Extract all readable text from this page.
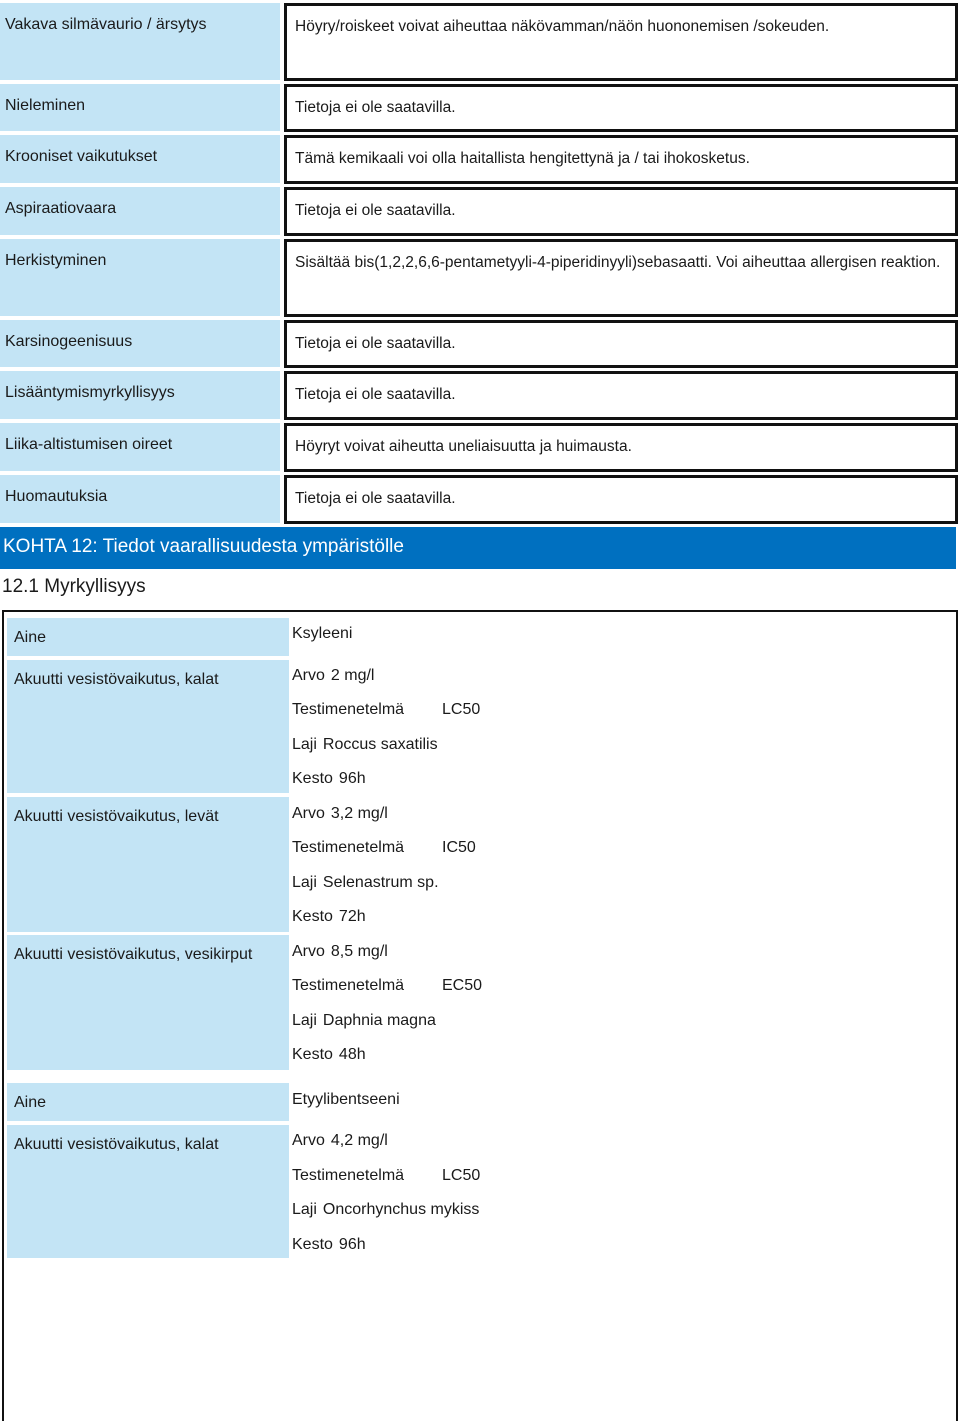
Vakava silmävaurio / ärsytys	Höyry/roiskeet voivat aiheuttaa näkövamman/näön huononemisen /sokeuden.
Nieleminen	Tietoja ei ole saatavilla.
Krooniset vaikutukset	Tämä kemikaali voi olla haitallista hengitettynä ja / tai ihokosketus.
Aspiraatiovaara	Tietoja ei ole saatavilla.
Herkistyminen	Sisältää bis(1,2,2,6,6-pentametyyli-4-piperidinyyli)sebasaatti. Voi aiheuttaa allergisen reaktion.
Karsinogeenisuus	Tietoja ei ole saatavilla.
Lisääntymismyrkyllisyys	Tietoja ei ole saatavilla.
Liika-altistumisen oireet	Höyryt voivat aiheutta uneliaisuutta ja huimausta.
Huomautuksia	Tietoja ei ole saatavilla.
KOHTA 12: Tiedot vaarallisuudesta ympäristölle
12.1 Myrkyllisyys
Aine	Ksyleeni
Akuutti vesistövaikutus, kalat	Arvo 2 mg/l
Testimenetelmä LC50
Laji Roccus saxatilis
Kesto 96h
Akuutti vesistövaikutus, levät	Arvo 3,2 mg/l
Testimenetelmä IC50
Laji Selenastrum sp.
Kesto 72h
Akuutti vesistövaikutus, vesikirput	Arvo 8,5 mg/l
Testimenetelmä EC50
Laji Daphnia magna
Kesto 48h
Aine	Etyylibentseeni
Akuutti vesistövaikutus, kalat	Arvo 4,2 mg/l
Testimenetelmä LC50
Laji Oncorhynchus mykiss
Kesto 96h
